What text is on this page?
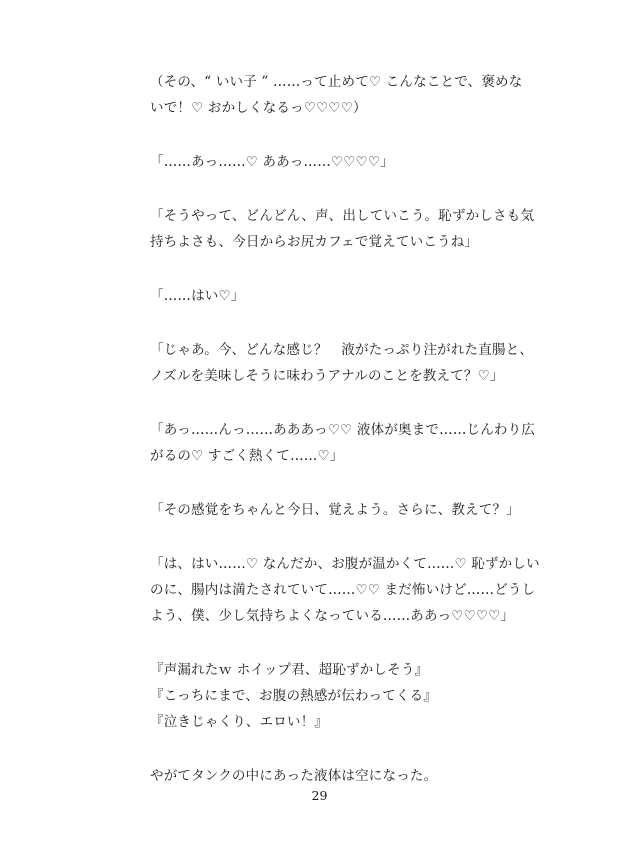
（その、“ いい子 ” ……って止めて♡ こんなことで、褒めな
いで！♡ おかしくなるっ♡♡♡♡）
「……あっ……♡ ああっ……♡♡♡♡」
「そうやって、どんどん、声、出していこう。恥ずかしさも気
持ちよさも、今日からお尻カフェで覚えていこうね」
「……はい♡」
「じゃあ。今、どんな感じ？　液がたっぷり注がれた直腸と、
ノズルを美味しそうに味わうアナルのことを教えて？♡」
「あっ……んっ……あああっ♡♡ 液体が奥まで……じんわり広
がるの♡ すごく熱くて……♡」
「その感覚をちゃんと今日、覚えよう。さらに、教えて？」
「は、はい……♡ なんだか、お腹が温かくて……♡ 恥ずかしい
のに、腸内は満たされていて……♡♡ まだ怖いけど……どうし
よう、僕、少し気持ちよくなっている……ああっ♡♡♡♡」
『声漏れたｗ ホイップ君、超恥ずかしそう』
『こっちにまで、お腹の熱感が伝わってくる』
『泣きじゃくり、エロい！』
やがてタンクの中にあった液体は空になった。
29
